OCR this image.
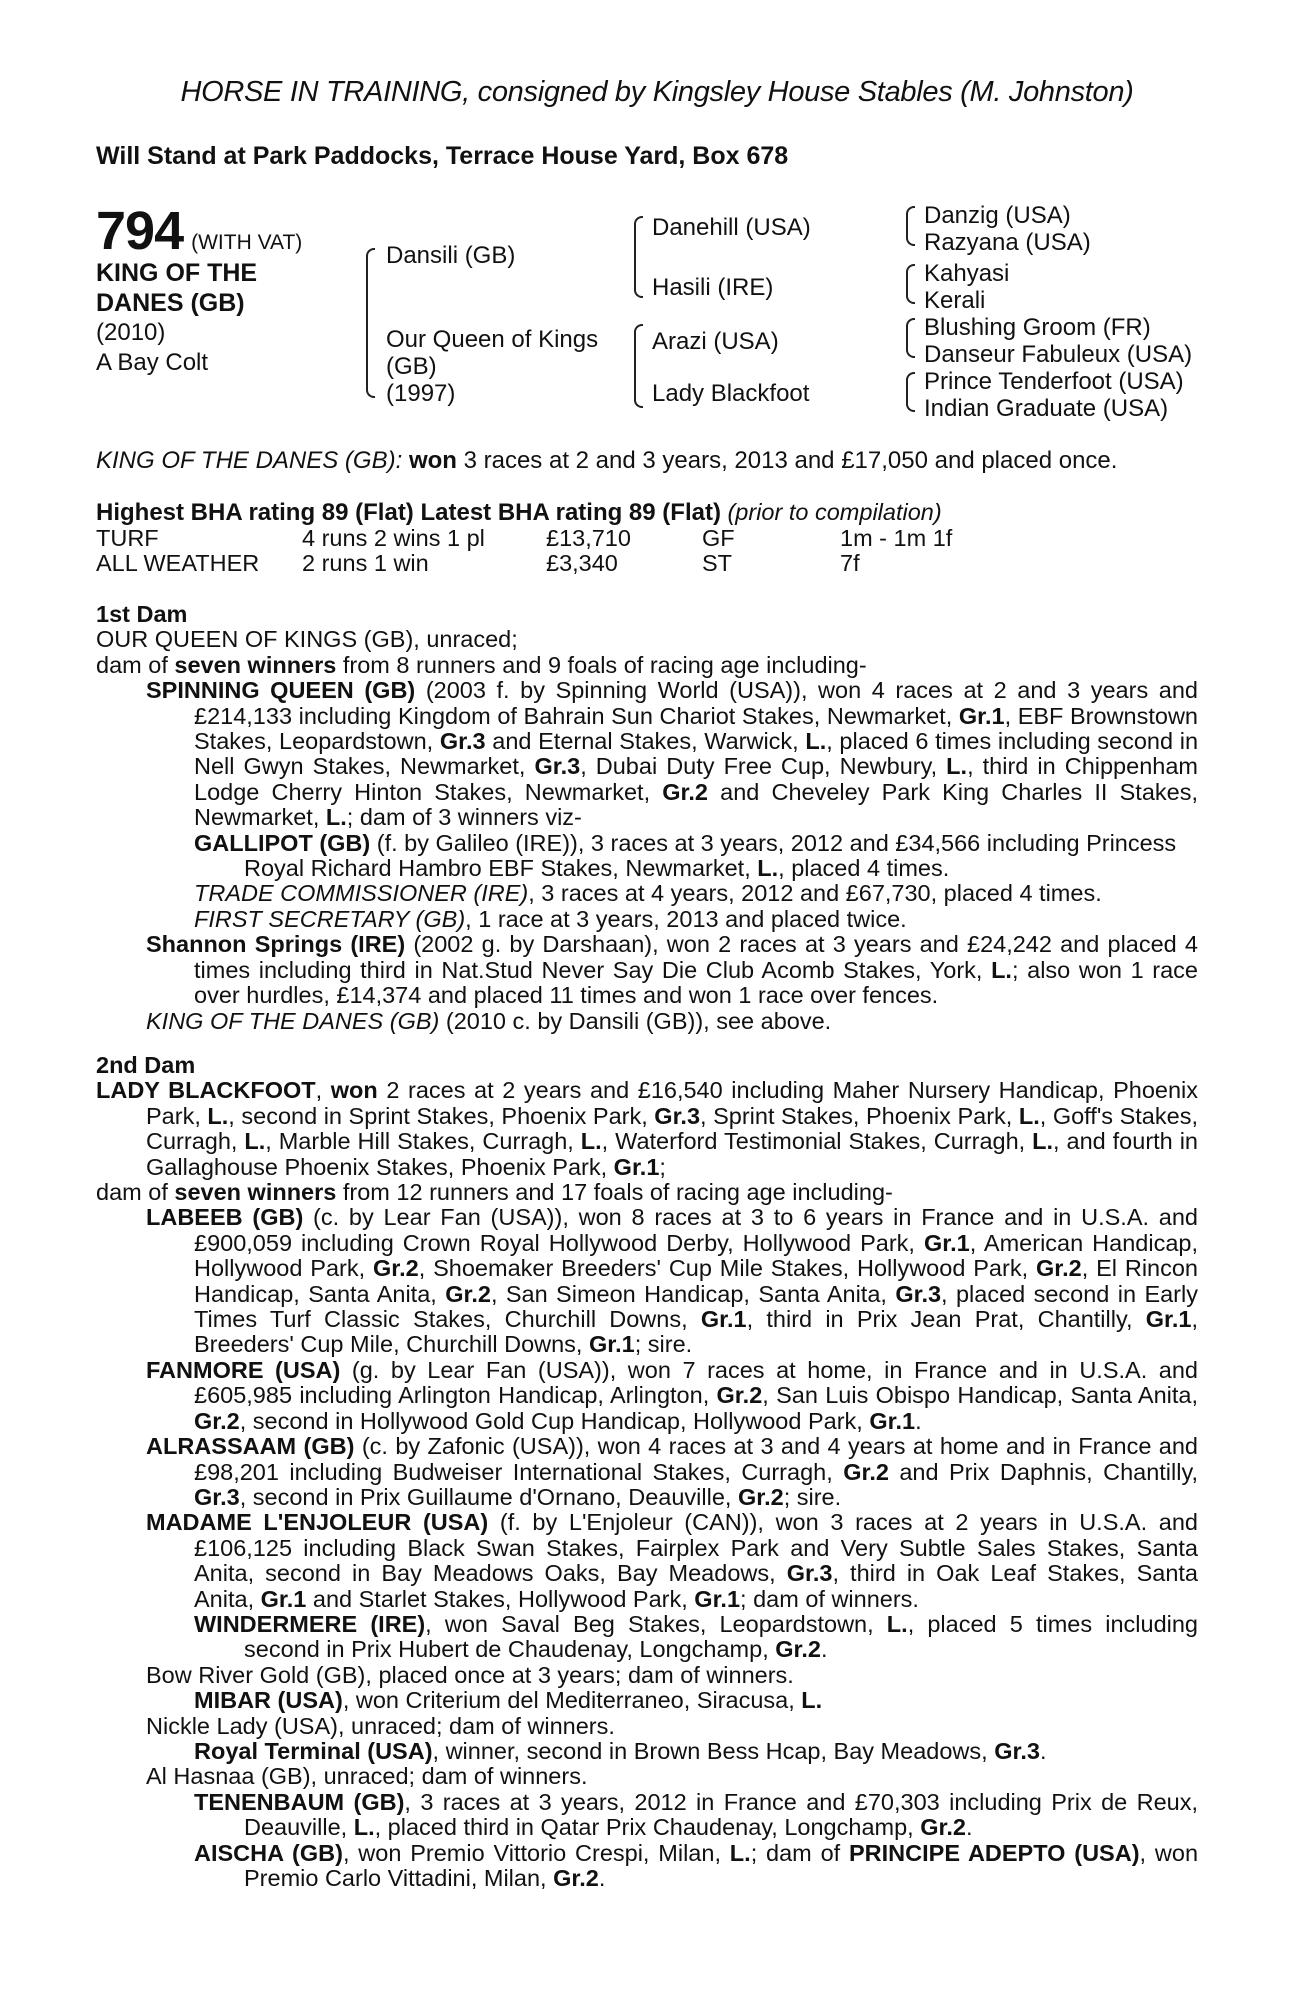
HORSE IN TRAINING, consigned by Kingsley House Stables (M. Johnston)
Will Stand at Park Paddocks, Terrace House Yard, Box 678
794 (WITH VAT)
KING OF THE
DANES (GB)
(2010)
A Bay Colt
Dansili (GB)
Our Queen of Kings
(GB)
(1997)
Danehill (USA)
Hasili (IRE)
Arazi (USA)
Lady Blackfoot
Danzig (USA)
Razyana (USA)
Kahyasi
Kerali
Blushing Groom (FR)
Danseur Fabuleux (USA)
Prince Tenderfoot (USA)
Indian Graduate (USA)

KING OF THE DANES (GB): won 3 races at 2 and 3 years, 2013 and £17,050 and placed once.

Highest BHA rating 89 (Flat) Latest BHA rating 89 (Flat) (prior to compilation)

TURF	4 runs 2 wins 1 pl	£13,710	GF	1m - 1m 1f
ALL WEATHER	2 runs 1 win	£3,340	ST	7f

1st Dam

OUR QUEEN OF KINGS (GB), unraced;

dam of seven winners from 8 runners and 9 foals of racing age including-

SPINNING QUEEN (GB) (2003 f. by Spinning World (USA)), won 4 races at 2 and 3 years and £214,133 including Kingdom of Bahrain Sun Chariot Stakes, Newmarket, Gr.1, EBF Brownstown Stakes, Leopardstown, Gr.3 and Eternal Stakes, Warwick, L., placed 6 times including second in Nell Gwyn Stakes, Newmarket, Gr.3, Dubai Duty Free Cup, Newbury, L., third in Chippenham Lodge Cherry Hinton Stakes, Newmarket, Gr.2 and Cheveley Park King Charles II Stakes, Newmarket, L.; dam of 3 winners viz-

GALLIPOT (GB) (f. by Galileo (IRE)), 3 races at 3 years, 2012 and £34,566 including Princess Royal Richard Hambro EBF Stakes, Newmarket, L., placed 4 times.

TRADE COMMISSIONER (IRE), 3 races at 4 years, 2012 and £67,730, placed 4 times.

FIRST SECRETARY (GB), 1 race at 3 years, 2013 and placed twice.

Shannon Springs (IRE) (2002 g. by Darshaan), won 2 races at 3 years and £24,242 and placed 4 times including third in Nat.Stud Never Say Die Club Acomb Stakes, York, L.; also won 1 race over hurdles, £14,374 and placed 11 times and won 1 race over fences.

KING OF THE DANES (GB) (2010 c. by Dansili (GB)), see above.

2nd Dam

LADY BLACKFOOT, won 2 races at 2 years and £16,540 including Maher Nursery Handicap, Phoenix Park, L., second in Sprint Stakes, Phoenix Park, Gr.3, Sprint Stakes, Phoenix Park, L., Goff's Stakes, Curragh, L., Marble Hill Stakes, Curragh, L., Waterford Testimonial Stakes, Curragh, L., and fourth in Gallaghouse Phoenix Stakes, Phoenix Park, Gr.1;

dam of seven winners from 12 runners and 17 foals of racing age including-

LABEEB (GB) (c. by Lear Fan (USA)), won 8 races at 3 to 6 years in France and in U.S.A. and £900,059 including Crown Royal Hollywood Derby, Hollywood Park, Gr.1, American Handicap, Hollywood Park, Gr.2, Shoemaker Breeders' Cup Mile Stakes, Hollywood Park, Gr.2, El Rincon Handicap, Santa Anita, Gr.2, San Simeon Handicap, Santa Anita, Gr.3, placed second in Early Times Turf Classic Stakes, Churchill Downs, Gr.1, third in Prix Jean Prat, Chantilly, Gr.1, Breeders' Cup Mile, Churchill Downs, Gr.1; sire.

FANMORE (USA) (g. by Lear Fan (USA)), won 7 races at home, in France and in U.S.A. and £605,985 including Arlington Handicap, Arlington, Gr.2, San Luis Obispo Handicap, Santa Anita, Gr.2, second in Hollywood Gold Cup Handicap, Hollywood Park, Gr.1.

ALRASSAAM (GB) (c. by Zafonic (USA)), won 4 races at 3 and 4 years at home and in France and £98,201 including Budweiser International Stakes, Curragh, Gr.2 and Prix Daphnis, Chantilly, Gr.3, second in Prix Guillaume d'Ornano, Deauville, Gr.2; sire.

MADAME L'ENJOLEUR (USA) (f. by L'Enjoleur (CAN)), won 3 races at 2 years in U.S.A. and £106,125 including Black Swan Stakes, Fairplex Park and Very Subtle Sales Stakes, Santa Anita, second in Bay Meadows Oaks, Bay Meadows, Gr.3, third in Oak Leaf Stakes, Santa Anita, Gr.1 and Starlet Stakes, Hollywood Park, Gr.1; dam of winners.

WINDERMERE (IRE), won Saval Beg Stakes, Leopardstown, L., placed 5 times including second in Prix Hubert de Chaudenay, Longchamp, Gr.2.

Bow River Gold (GB), placed once at 3 years; dam of winners.

MIBAR (USA), won Criterium del Mediterraneo, Siracusa, L.

Nickle Lady (USA), unraced; dam of winners.

Royal Terminal (USA), winner, second in Brown Bess Hcap, Bay Meadows, Gr.3.

Al Hasnaa (GB), unraced; dam of winners.

TENENBAUM (GB), 3 races at 3 years, 2012 in France and £70,303 including Prix de Reux, Deauville, L., placed third in Qatar Prix Chaudenay, Longchamp, Gr.2.

AISCHA (GB), won Premio Vittorio Crespi, Milan, L.; dam of PRINCIPE ADEPTO (USA), won Premio Carlo Vittadini, Milan, Gr.2.
